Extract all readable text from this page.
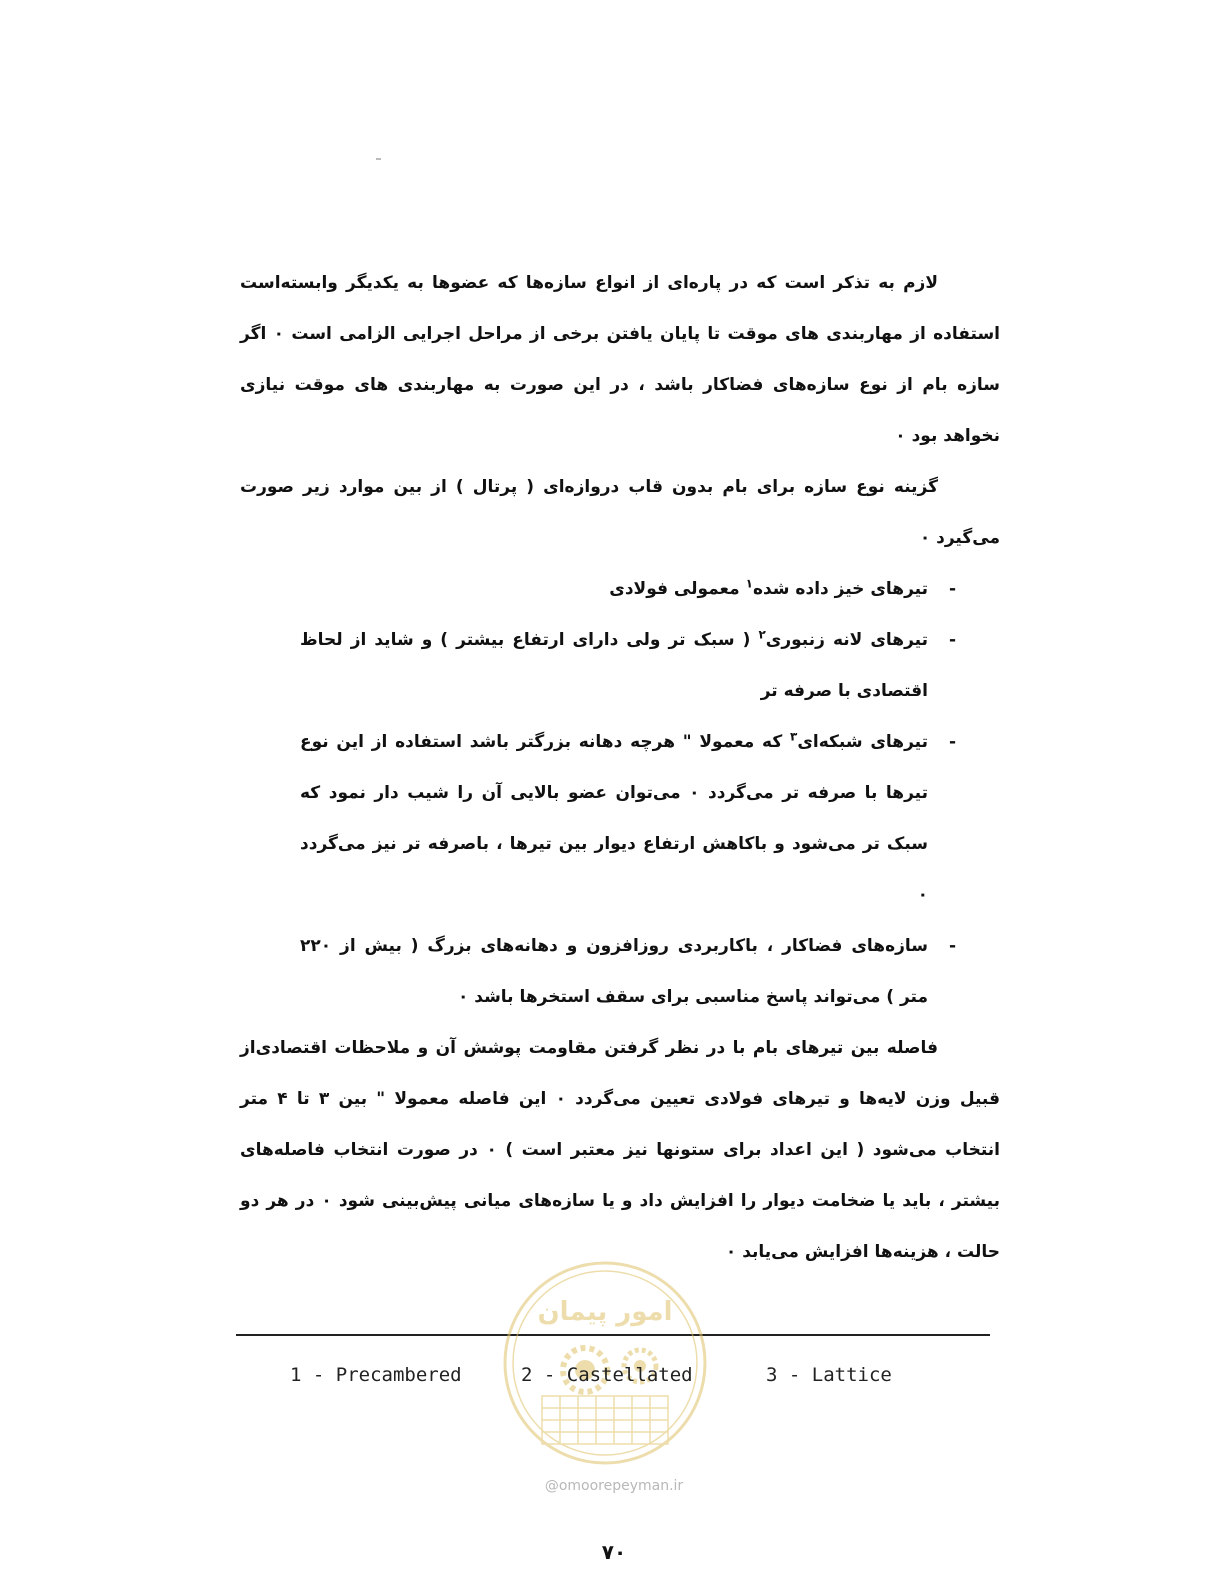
لازم به تذکر است که در پاره‌ای از انواع سازه‌ها که عضوها به یکدیگر وابسته‌است استفاده از مهاربندی های موقت تا پایان یافتن برخی از مراحل اجرایی الزامی است ۰ اگر سازه بام از نوع سازه‌های فضاکار باشد ، در این صورت به مهاربندی های موقت نیازی نخواهد بود ۰

گزینه نوع سازه برای بام بدون قاب دروازه‌ای ( پرتال ) از بین موارد زیر صورت می‌گیرد ۰

-
تیرهای خیز داده شده$^۱$ معمولی فولادی
-
تیرهای لانه زنبوری$^۲$ ( سبک تر ولی دارای ارتفاع بیشتر ) و شاید از لحاظ اقتصادی با صرفه تر
-
تیرهای شبکه‌ای$^۳$ که معمولا " هرچه دهانه بزرگتر باشد استفاده از این نوع تیرها با صرفه تر می‌گردد ۰ می‌توان عضو بالایی آن را شیب دار نمود که سبک تر می‌شود و باکاهش ارتفاع دیوار بین تیرها ، باصرفه تر نیز می‌گردد ۰
-
سازه‌های فضاکار ، باکاربردی روزافزون و دهانه‌های بزرگ ( بیش از ۲۲۰ متر ) می‌تواند پاسخ مناسبی برای سقف استخرها باشد ۰

فاصله بین تیرهای بام با در نظر گرفتن مقاومت پوشش آن و ملاحظات اقتصادی‌از قبیل وزن لایه‌ها و تیرهای فولادی تعیین می‌گردد ۰ این فاصله معمولا " بین ۳ تا ۴ متر انتخاب می‌شود ( این اعداد برای ستونها نیز معتبر است ) ۰ در صورت انتخاب فاصله‌های بیشتر ، باید یا ضخامت دیوار را افزایش داد و یا سازه‌های میانی پیش‌بینی شود ۰ در هر دو حالت ، هزینه‌ها افزایش می‌یابد ۰

امور پیمان
1 - Precambered	2 - Castellated	3 - Lattice
@omoorepeyman.ir
۷۰
